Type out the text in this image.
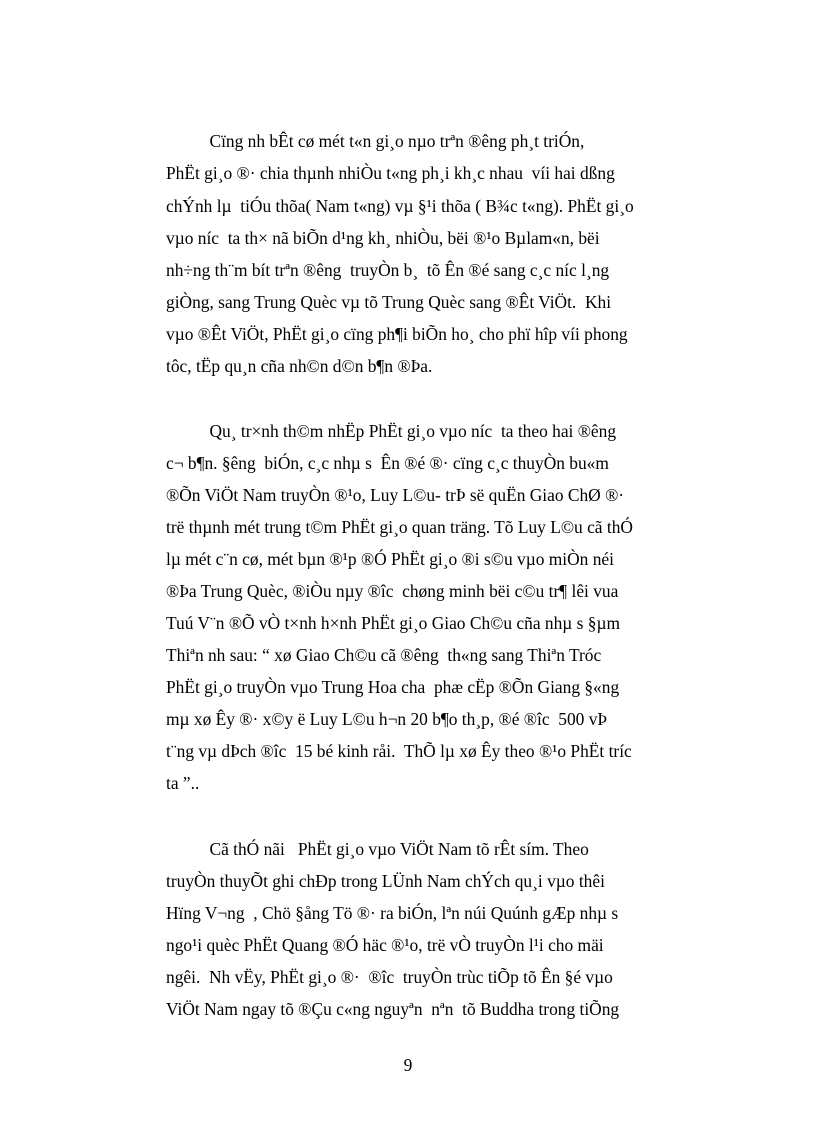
Cïng nh bÊt cø mét t«n gi¸o nµo trªn ®êng ph¸t triÓn,
PhËt gi¸o ®· chia thµnh nhiÒu t«ng ph¸i kh¸c nhau  víi hai dßng
chÝnh lµ  tiÓu thõa( Nam t«ng) vµ §¹i thõa ( B¾c t«ng). PhËt gi¸o
vµo níc  ta th× nã biÕn d¹ng kh¸ nhiÒu, bëi ®¹o Bµlam«n, bëi
nh÷ng th¨m bít trªn ®êng  truyÒn b¸  tõ Ên ®é sang c¸c níc l¸ng
giÒng, sang Trung Quèc vµ tõ Trung Quèc sang ®Êt ViÖt.  Khi
vµo ®Êt ViÖt, PhËt gi¸o cïng ph¶i biÕn ho¸ cho phï hîp víi phong
tôc, tËp qu¸n cña nh©n d©n b¶n ®Þa.
Qu¸ tr×nh th©m nhËp PhËt gi¸o vµo níc  ta theo hai ®êng
c¬ b¶n. §êng  biÓn, c¸c nhµ s  Ên ®é ®· cïng c¸c thuyÒn bu«m
®Õn ViÖt Nam truyÒn ®¹o, Luy L©u- trÞ së quËn Giao ChØ ®·
trë thµnh mét trung t©m PhËt gi¸o quan träng. Tõ Luy L©u cã thÓ
lµ mét c¨n cø, mét bµn ®¹p ®Ó PhËt gi¸o ®i s©u vµo miÒn néi
®Þa Trung Quèc, ®iÒu nµy ®îc  chøng minh bëi c©u tr¶ lêi vua
Tuú V¨n ®Õ vÒ t×nh h×nh PhËt gi¸o Giao Ch©u cña nhµ s §µm
Thiªn nh sau: “ xø Giao Ch©u cã ®êng  th«ng sang Thiªn Tróc
PhËt gi¸o truyÒn vµo Trung Hoa cha  phæ cËp ®Õn Giang §«ng
mµ xø Êy ®· x©y ë Luy L©u h¬n 20 b¶o th¸p, ®é ®îc  500 vÞ
t¨ng vµ dÞch ®îc  15 bé kinh råi.  ThÕ lµ xø Êy theo ®¹o PhËt tríc
ta ”..
Cã thÓ nãi   PhËt gi¸o vµo ViÖt Nam tõ rÊt sím. Theo
truyÒn thuyÕt ghi chÐp trong LÜnh Nam chÝch qu¸i vµo thêi
Hïng V¬ng  , Chö §ång Tö ®· ra biÓn, lªn núi Quúnh gÆp nhµ s
ngo¹i quèc PhËt Quang ®Ó häc ®¹o, trë vÒ truyÒn l¹i cho mäi
ngêi.  Nh vËy, PhËt gi¸o ®·  ®îc  truyÒn trùc tiÕp tõ Ên §é vµo
ViÖt Nam ngay tõ ®Çu c«ng nguyªn  nªn  tõ Buddha trong tiÕng
9
